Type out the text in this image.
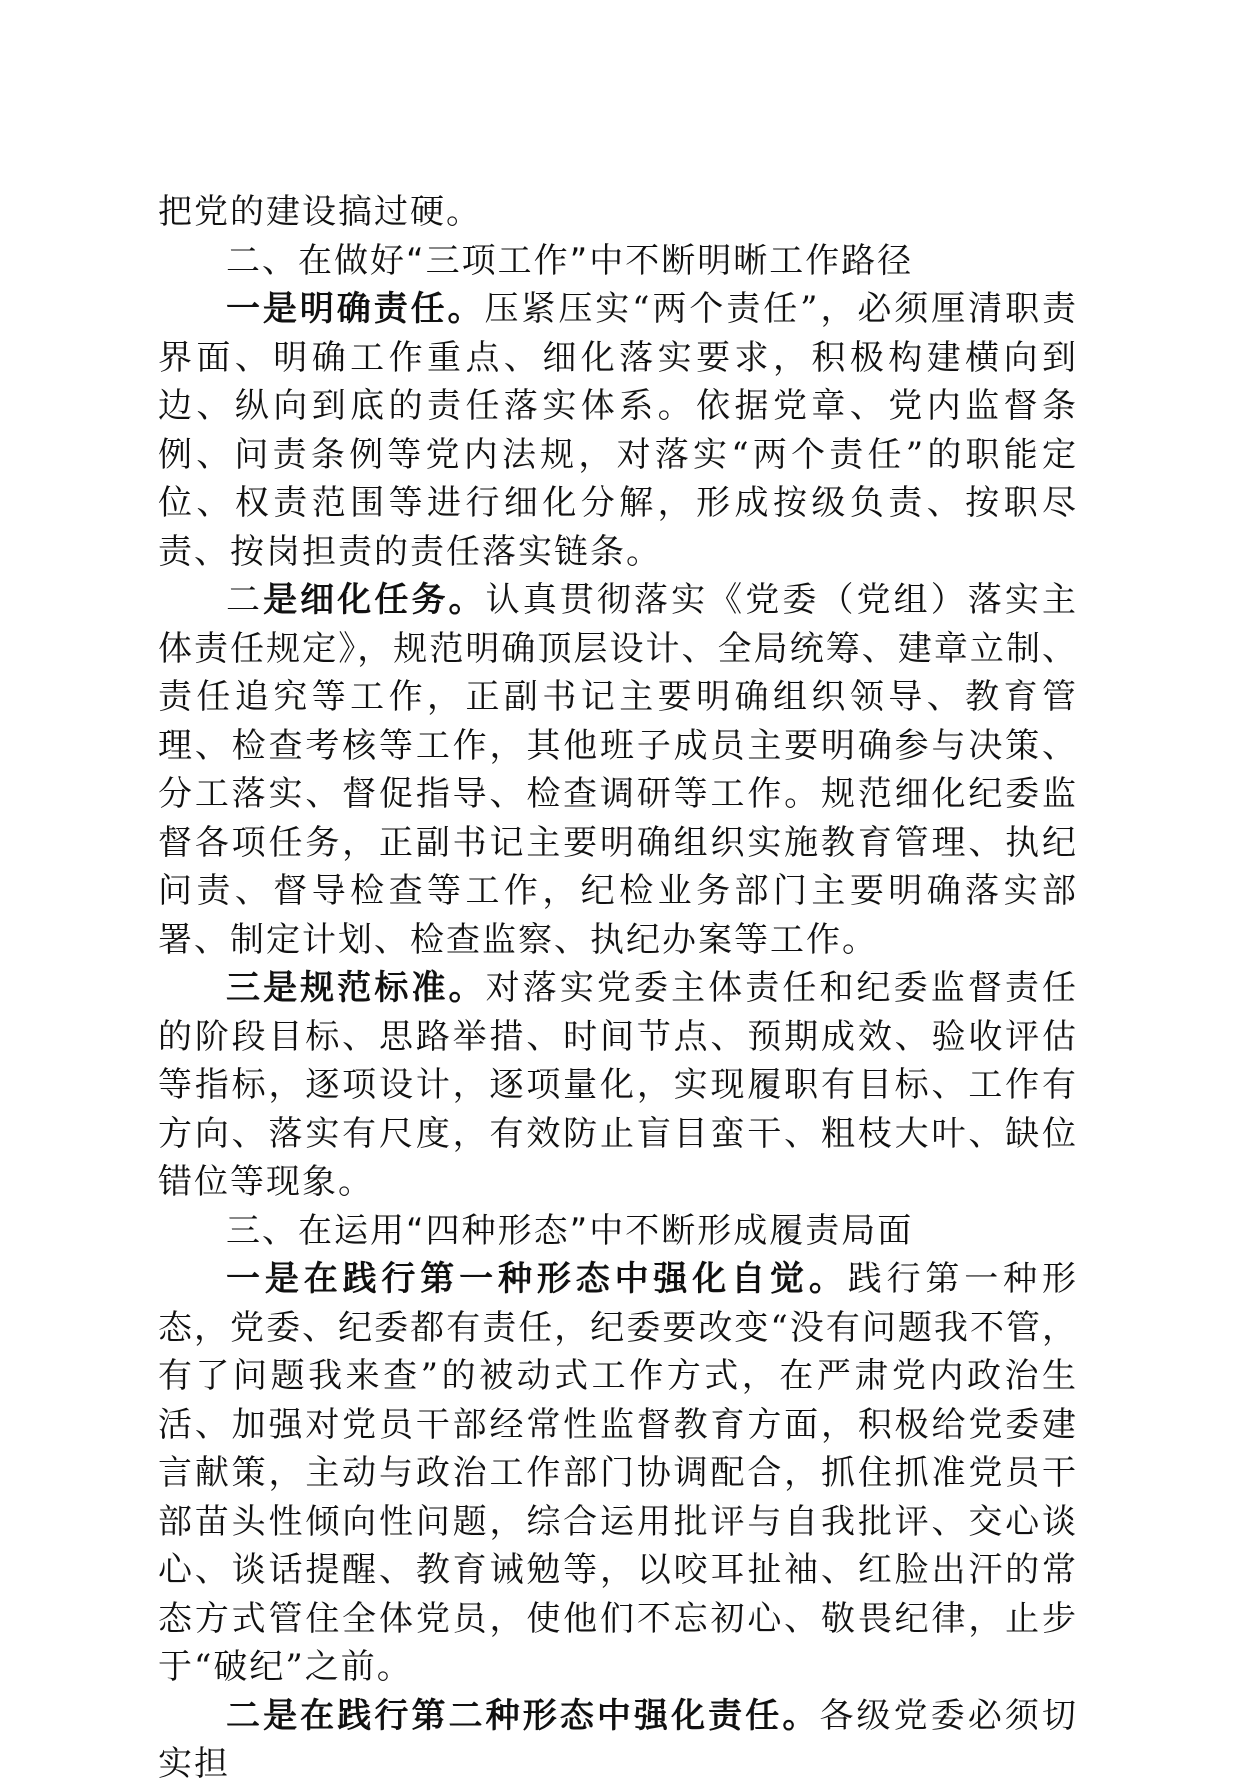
把党的建设搞过硬。

二、在做好“三项工作”中不断明晰工作路径

一是明确责任。压紧压实“两个责任”，必须厘清职责界面、明确工作重点、细化落实要求，积极构建横向到边、纵向到底的责任落实体系。依据党章、党内监督条例、问责条例等党内法规，对落实“两个责任”的职能定位、权责范围等进行细化分解，形成按级负责、按职尽责、按岗担责的责任落实链条。

二是细化任务。认真贯彻落实《党委（党组）落实主体责任规定》，规范明确顶层设计、全局统筹、建章立制、责任追究等工作，正副书记主要明确组织领导、教育管理、检查考核等工作，其他班子成员主要明确参与决策、分工落实、督促指导、检查调研等工作。规范细化纪委监督各项任务，正副书记主要明确组织实施教育管理、执纪问责、督导检查等工作，纪检业务部门主要明确落实部署、制定计划、检查监察、执纪办案等工作。

三是规范标准。对落实党委主体责任和纪委监督责任的阶段目标、思路举措、时间节点、预期成效、验收评估等指标，逐项设计，逐项量化，实现履职有目标、工作有方向、落实有尺度，有效防止盲目蛮干、粗枝大叶、缺位错位等现象。

三、在运用“四种形态”中不断形成履责局面

一是在践行第一种形态中强化自觉。践行第一种形态，党委、纪委都有责任，纪委要改变“没有问题我不管，有了问题我来查”的被动式工作方式，在严肃党内政治生活、加强对党员干部经常性监督教育方面，积极给党委建言献策，主动与政治工作部门协调配合，抓住抓准党员干部苗头性倾向性问题，综合运用批评与自我批评、交心谈心、谈话提醒、教育诫勉等，以咬耳扯袖、红脸出汗的常态方式管住全体党员，使他们不忘初心、敬畏纪律，止步于“破纪”之前。

二是在践行第二种形态中强化责任。各级党委必须切实担
